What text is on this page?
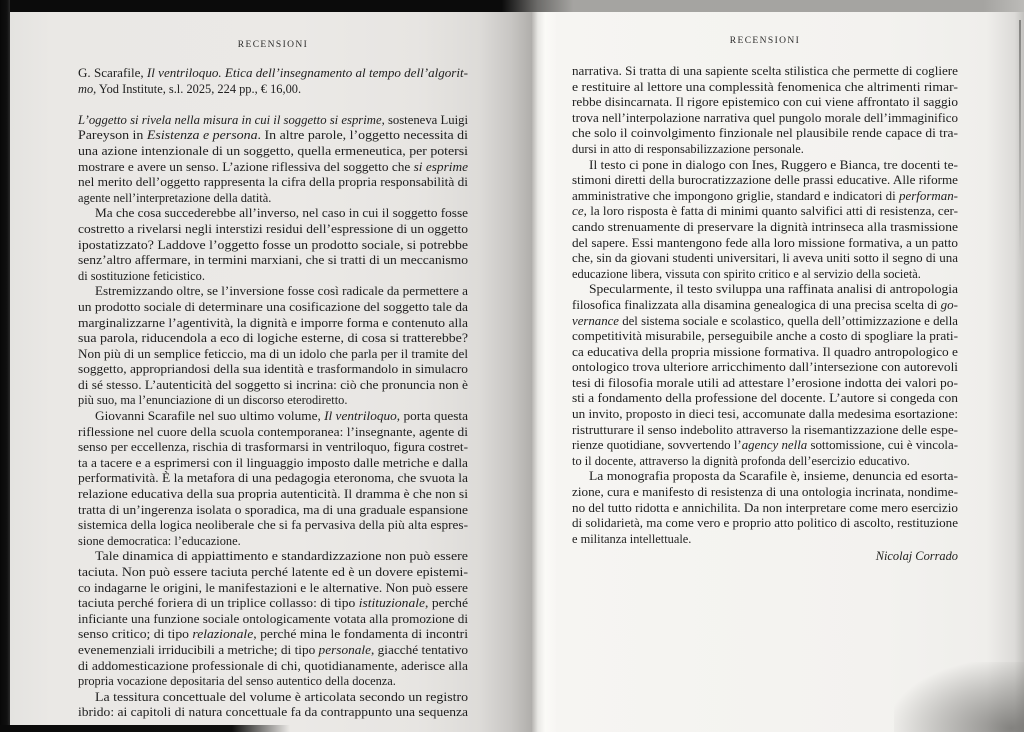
RECENSIONI
G. Scarafile, Il ventriloquo. Etica dell’insegnamento al tempo dell’algorit-
mo, Yod Institute, s.l. 2025, 224 pp., € 16,00.

L’oggetto si rivela nella misura in cui il soggetto si esprime, sosteneva Luigi
Pareyson in Esistenza e persona. In altre parole, l’oggetto necessita di
una azione intenzionale di un soggetto, quella ermeneutica, per potersi
mostrare e avere un senso. L’azione riflessiva del soggetto che si esprime
nel merito dell’oggetto rappresenta la cifra della propria responsabilità di
agente nell’interpretazione della datità.

Ma che cosa succederebbe all’inverso, nel caso in cui il soggetto fosse
costretto a rivelarsi negli interstizi residui dell’espressione di un oggetto
ipostatizzato? Laddove l’oggetto fosse un prodotto sociale, si potrebbe
senz’altro affermare, in termini marxiani, che si tratti di un meccanismo
di sostituzione feticistico.

Estremizzando oltre, se l’inversione fosse così radicale da permettere a
un prodotto sociale di determinare una cosificazione del soggetto tale da
marginalizzarne l’agentività, la dignità e imporre forma e contenuto alla
sua parola, riducendola a eco di logiche esterne, di cosa si tratterebbe?
Non più di un semplice feticcio, ma di un idolo che parla per il tramite del
soggetto, appropriandosi della sua identità e trasformandolo in simulacro
di sé stesso. L’autenticità del soggetto si incrina: ciò che pronuncia non è
più suo, ma l’enunciazione di un discorso eterodiretto.

Giovanni Scarafile nel suo ultimo volume, Il ventriloquo, porta questa
riflessione nel cuore della scuola contemporanea: l’insegnante, agente di
senso per eccellenza, rischia di trasformarsi in ventriloquo, figura costret-
ta a tacere e a esprimersi con il linguaggio imposto dalle metriche e dalla
performatività. È la metafora di una pedagogia eteronoma, che svuota la
relazione educativa della sua propria autenticità. Il dramma è che non si
tratta di un’ingerenza isolata o sporadica, ma di una graduale espansione
sistemica della logica neoliberale che si fa pervasiva della più alta espres-
sione democratica: l’educazione.

Tale dinamica di appiattimento e standardizzazione non può essere
taciuta. Non può essere taciuta perché latente ed è un dovere epistemi-
co indagarne le origini, le manifestazioni e le alternative. Non può essere
taciuta perché foriera di un triplice collasso: di tipo istituzionale, perché
inficiante una funzione sociale ontologicamente votata alla promozione di
senso critico; di tipo relazionale, perché mina le fondamenta di incontri
evenemenziali irriducibili a metriche; di tipo personale, giacché tentativo
di addomesticazione professionale di chi, quotidianamente, aderisce alla
propria vocazione depositaria del senso autentico della docenza.

La tessitura concettuale del volume è articolata secondo un registro
ibrido: ai capitoli di natura concettuale fa da contrappunto una sequenza

RECENSIONI

narrativa. Si tratta di una sapiente scelta stilistica che permette di cogliere
e restituire al lettore una complessità fenomenica che altrimenti rimar-
rebbe disincarnata. Il rigore epistemico con cui viene affrontato il saggio
trova nell’interpolazione narrativa quel pungolo morale dell’immaginifico
che solo il coinvolgimento finzionale nel plausibile rende capace di tra-
dursi in atto di responsabilizzazione personale.

Il testo ci pone in dialogo con Ines, Ruggero e Bianca, tre docenti te-
stimoni diretti della burocratizzazione delle prassi educative. Alle riforme
amministrative che impongono griglie, standard e indicatori di performan-
ce, la loro risposta è fatta di minimi quanto salvifici atti di resistenza, cer-
cando strenuamente di preservare la dignità intrinseca alla trasmissione
del sapere. Essi mantengono fede alla loro missione formativa, a un patto
che, sin da giovani studenti universitari, li aveva uniti sotto il segno di una
educazione libera, vissuta con spirito critico e al servizio della società.

Specularmente, il testo sviluppa una raffinata analisi di antropologia
filosofica finalizzata alla disamina genealogica di una precisa scelta di go-
vernance del sistema sociale e scolastico, quella dell’ottimizzazione e della
competitività misurabile, perseguibile anche a costo di spogliare la prati-
ca educativa della propria missione formativa. Il quadro antropologico e
ontologico trova ulteriore arricchimento dall’intersezione con autorevoli
tesi di filosofia morale utili ad attestare l’erosione indotta dei valori po-
sti a fondamento della professione del docente. L’autore si congeda con
un invito, proposto in dieci tesi, accomunate dalla medesima esortazione:
ristrutturare il senso indebolito attraverso la risemantizzazione delle espe-
rienze quotidiane, sovvertendo l’agency nella sottomissione, cui è vincola-
to il docente, attraverso la dignità profonda dell’esercizio educativo.

La monografia proposta da Scarafile è, insieme, denuncia ed esorta-
zione, cura e manifesto di resistenza di una ontologia incrinata, nondime-
no del tutto ridotta e annichilita. Da non interpretare come mero esercizio
di solidarietà, ma come vero e proprio atto politico di ascolto, restituzione
e militanza intellettuale.

Nicolaj Corrado
